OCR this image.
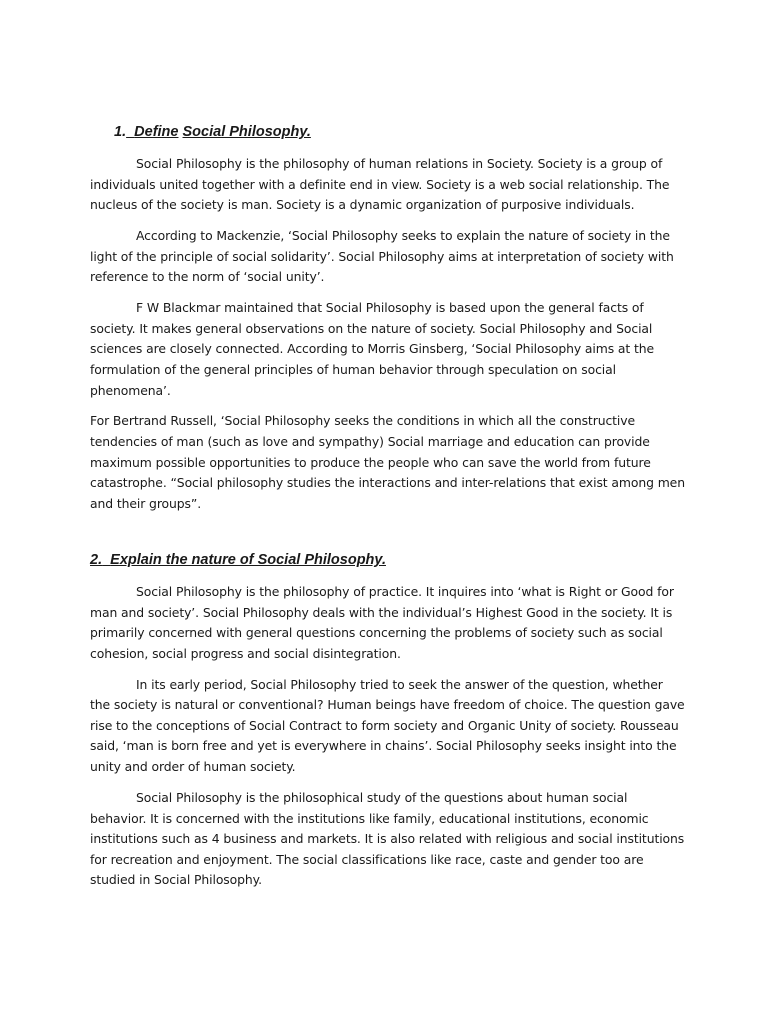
1. Define Social Philosophy.

Social Philosophy is the philosophy of human relations in Society. Society is a group of individuals united together with a definite end in view. Society is a web social relationship. The nucleus of the society is man. Society is a dynamic organization of purposive individuals.

According to Mackenzie, ‘Social Philosophy seeks to explain the nature of society in the light of the principle of social solidarity’. Social Philosophy aims at interpretation of society with reference to the norm of ‘social unity’.

F W Blackmar maintained that Social Philosophy is based upon the general facts of society. It makes general observations on the nature of society. Social Philosophy and Social sciences are closely connected. According to Morris Ginsberg, ‘Social Philosophy aims at the formulation of the general principles of human behavior through speculation on social phenomena’.

For Bertrand Russell, ‘Social Philosophy seeks the conditions in which all the constructive tendencies of man (such as love and sympathy) Social marriage and education can provide maximum possible opportunities to produce the people who can save the world from future catastrophe. “Social philosophy studies the interactions and inter-relations that exist among men and their groups”.

2. Explain the nature of Social Philosophy.

Social Philosophy is the philosophy of practice. It inquires into ‘what is Right or Good for man and society’. Social Philosophy deals with the individual’s Highest Good in the society. It is primarily concerned with general questions concerning the problems of society such as social cohesion, social progress and social disintegration.

In its early period, Social Philosophy tried to seek the answer of the question, whether the society is natural or conventional? Human beings have freedom of choice. The question gave rise to the conceptions of Social Contract to form society and Organic Unity of society. Rousseau said, ‘man is born free and yet is everywhere in chains’. Social Philosophy seeks insight into the unity and order of human society.

Social Philosophy is the philosophical study of the questions about human social behavior. It is concerned with the institutions like family, educational institutions, economic institutions such as 4 business and markets. It is also related with religious and social institutions for recreation and enjoyment. The social classifications like race, caste and gender too are studied in Social Philosophy.
